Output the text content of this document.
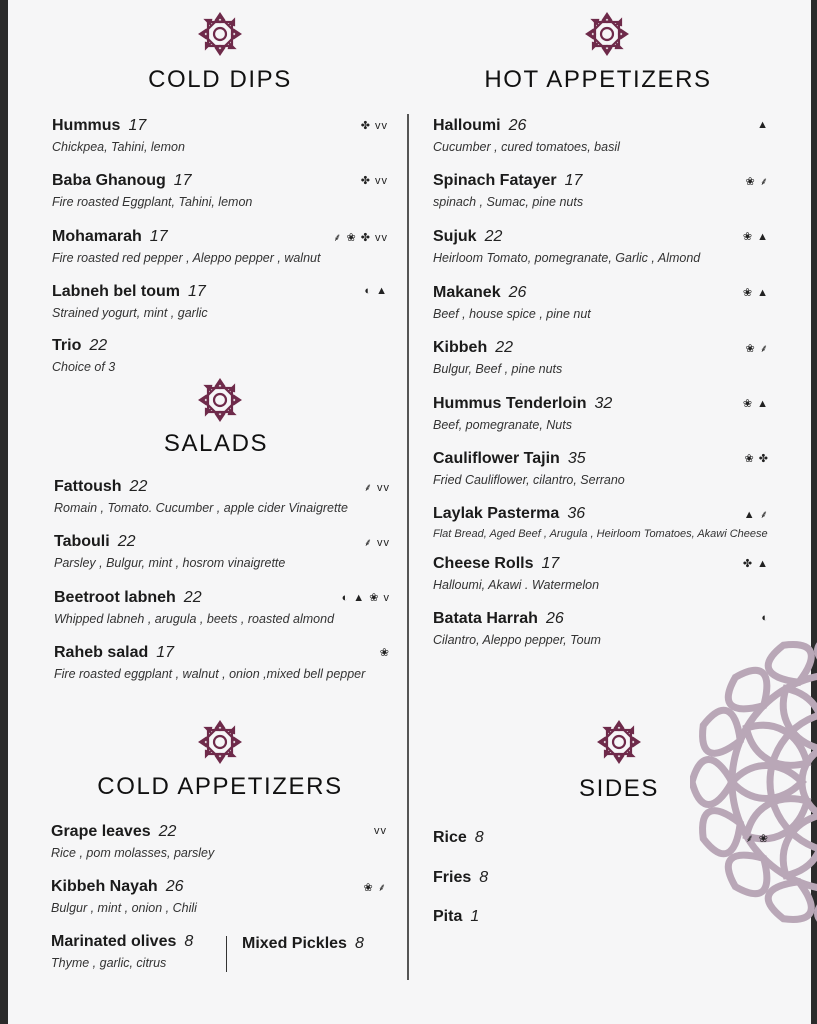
COLD DIPS	HOT APPETIZERS
SALADS
COLD APPETIZERS	SIDES
Hummus 17	✤ vv
Chickpea, Tahini, lemon
Baba Ghanoug 17	✤ vv
Fire roasted Eggplant, Tahini, lemon
Mohamarah 17	⸙ ❀ ✤ vv
Fire roasted red pepper , Aleppo pepper , walnut
Labneh bel toum 17	◐ ▲
Strained yogurt, mint , garlic
Trio 22
Choice of 3
Fattoush 22	⸙ vv
Romain , Tomato. Cucumber , apple cider Vinaigrette
Tabouli 22	⸙ vv
Parsley , Bulgur, mint , hosrom vinaigrette
Beetroot labneh 22	◐ ▲ ❀ v
Whipped labneh , arugula , beets , roasted almond
Raheb salad 17	❀
Fire roasted eggplant , walnut , onion ,mixed bell pepper
Grape leaves 22	vv
Rice , pom molasses, parsley
Kibbeh Nayah 26	❀ ⸙
Bulgur , mint , onion , Chili
Marinated olives 8
Thyme , garlic, citrus
Mixed Pickles 8
Halloumi 26	▲
Cucumber , cured tomatoes, basil
Spinach Fatayer 17	❀ ⸙
spinach , Sumac, pine nuts
Sujuk 22	❀ ▲
Heirloom Tomato, pomegranate, Garlic , Almond
Makanek 26	❀ ▲
Beef , house spice , pine nut
Kibbeh 22	❀ ⸙
Bulgur, Beef , pine nuts
Hummus Tenderloin 32	❀ ▲
Beef, pomegranate, Nuts
Cauliflower Tajin 35	❀ ✤
Fried Cauliflower, cilantro, Serrano
Laylak Pasterma 36	▲ ⸙
Flat Bread, Aged Beef , Arugula , Heirloom Tomatoes, Akawi Cheese
Cheese Rolls 17	✤ ▲
Halloumi, Akawi . Watermelon
Batata Harrah 26	◐
Cilantro, Aleppo pepper, Toum
Rice 8	⸙ ❀
Fries 8
Pita 1
